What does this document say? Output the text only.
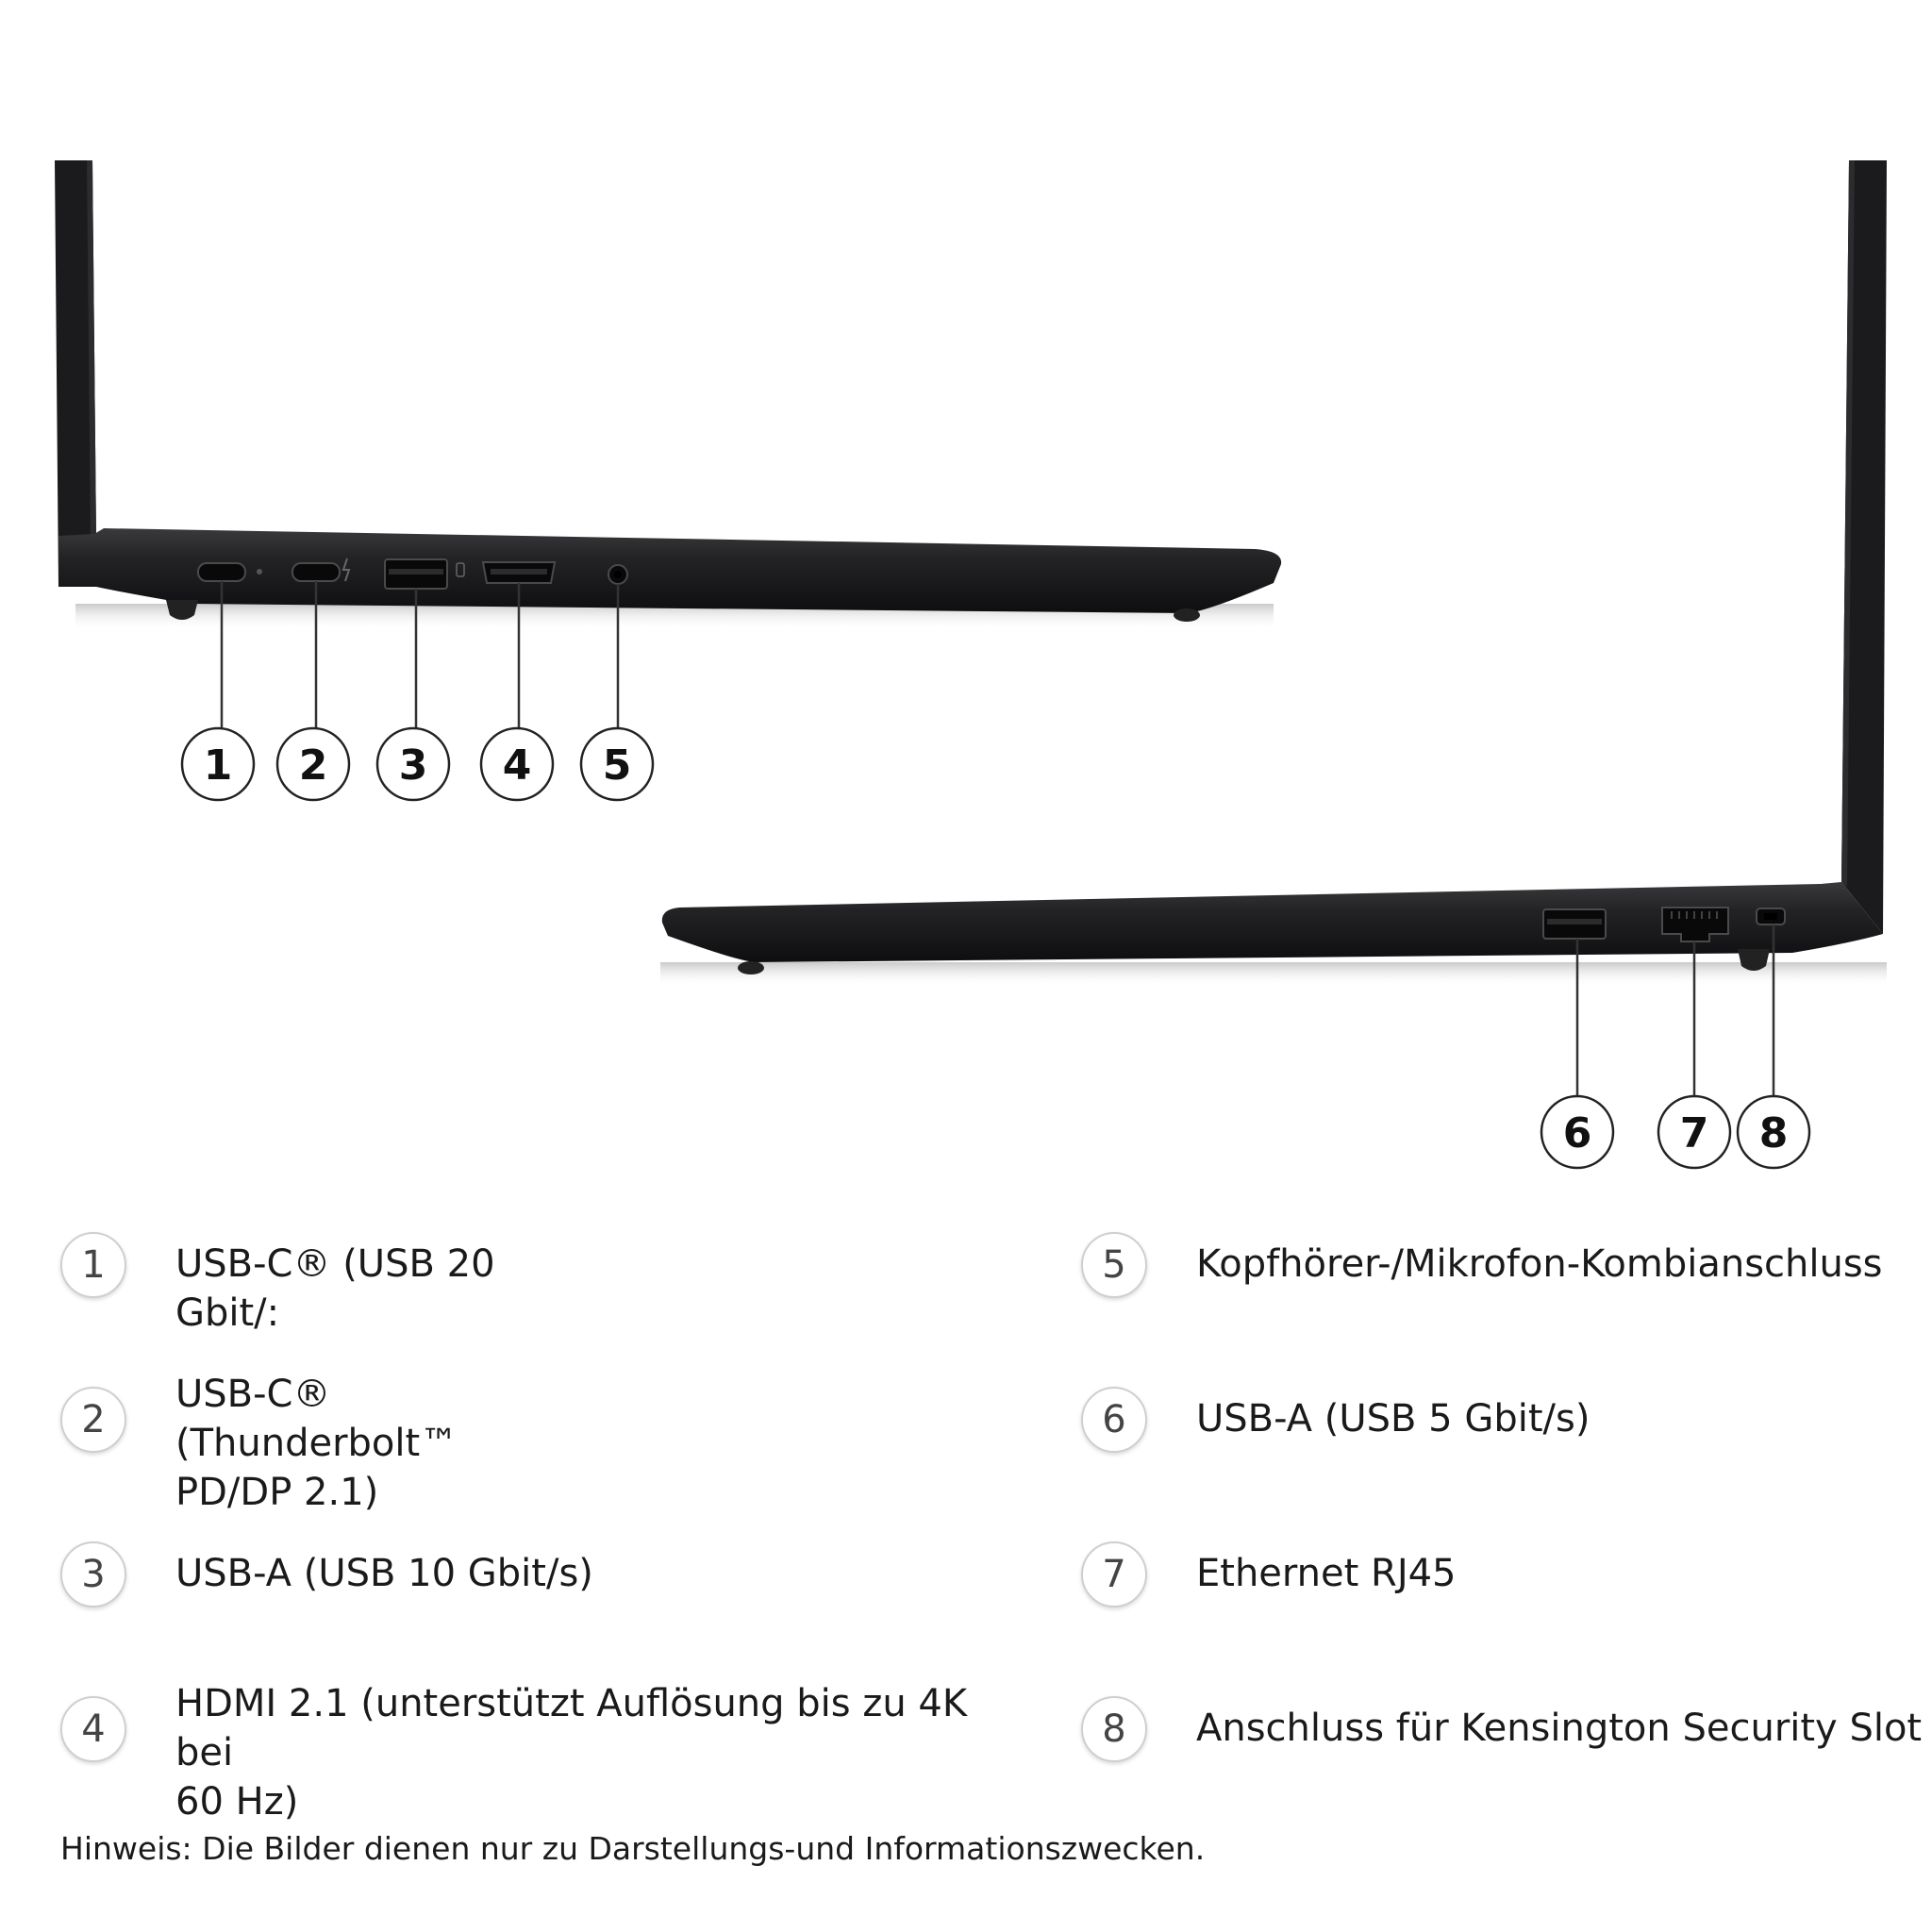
1 2 3 4 5
6 7 8
1	USB-C® (USB 20 Gbit/:
2
USB-C® (Thunderbolt™
PD/DP 2.1)
3	USB-A (USB 10 Gbit/s)
4
HDMI 2.1 (unterstützt Auflösung bis zu 4K bei
60 Hz)
5	Kopfhörer-/Mikrofon-Kombianschluss
6	USB-A (USB 5 Gbit/s)
7	Ethernet RJ45
8	Anschluss für Kensington Security Slot
Hinweis: Die Bilder dienen nur zu Darstellungs-und Informationszwecken.
